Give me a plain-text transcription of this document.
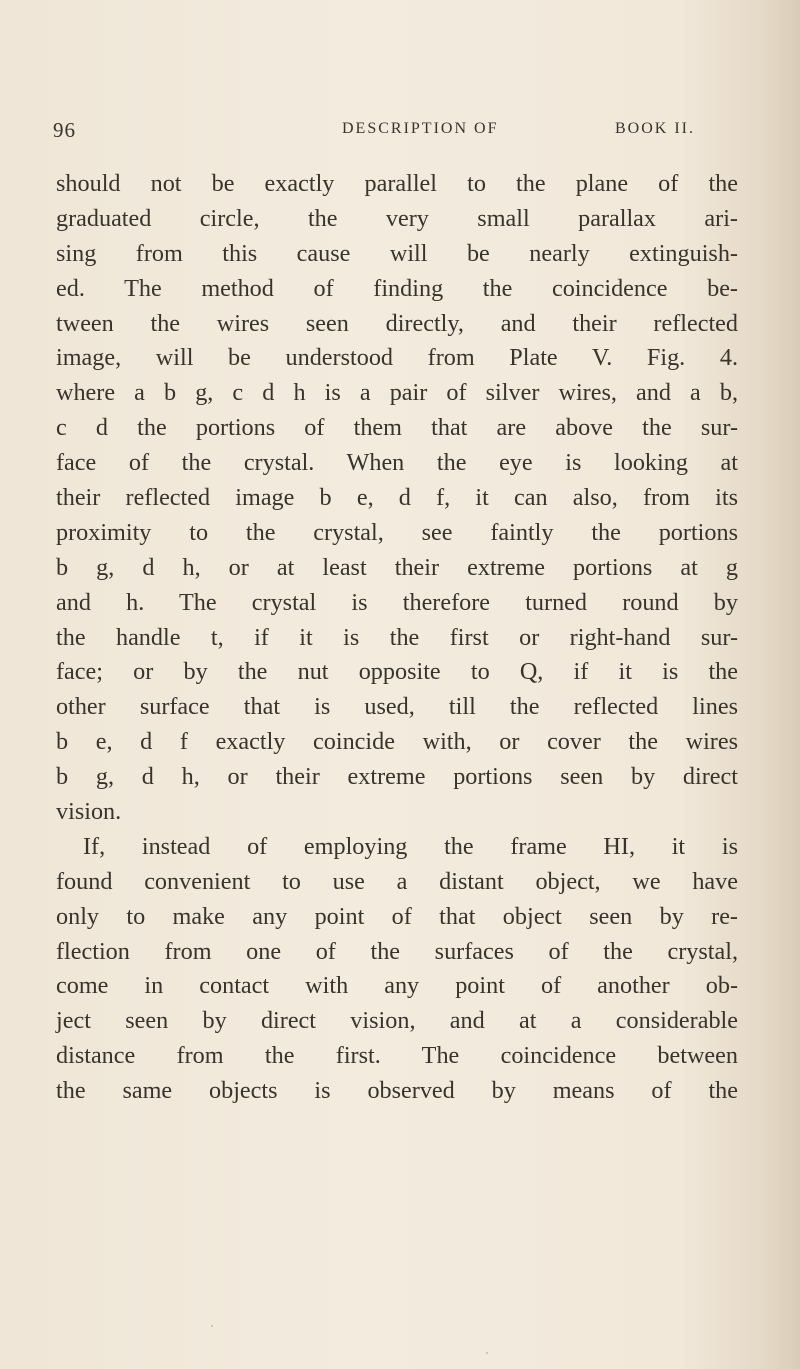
96	DESCRIPTION OF	BOOK II.
should not be exactly parallel to the plane of the
graduated circle, the very small parallax ari-
sing from this cause will be nearly extinguish-
ed. The method of finding the coincidence be-
tween the wires seen directly, and their reflected
image, will be understood from Plate V. Fig. 4.
where a b g, c d h is a pair of silver wires, and a b,
c d the portions of them that are above the sur-
face of the crystal. When the eye is looking at
their reflected image b e, d f, it can also, from its
proximity to the crystal, see faintly the portions
b g, d h, or at least their extreme portions at g
and h. The crystal is therefore turned round by
the handle t, if it is the first or right-hand sur-
face; or by the nut opposite to Q, if it is the
other surface that is used, till the reflected lines
b e, d f exactly coincide with, or cover the wires
b g, d h, or their extreme portions seen by direct
vision.
If, instead of employing the frame HI, it is
found convenient to use a distant object, we have
only to make any point of that object seen by re-
flection from one of the surfaces of the crystal,
come in contact with any point of another ob-
ject seen by direct vision, and at a considerable
distance from the first. The coincidence between
the same objects is observed by means of the
